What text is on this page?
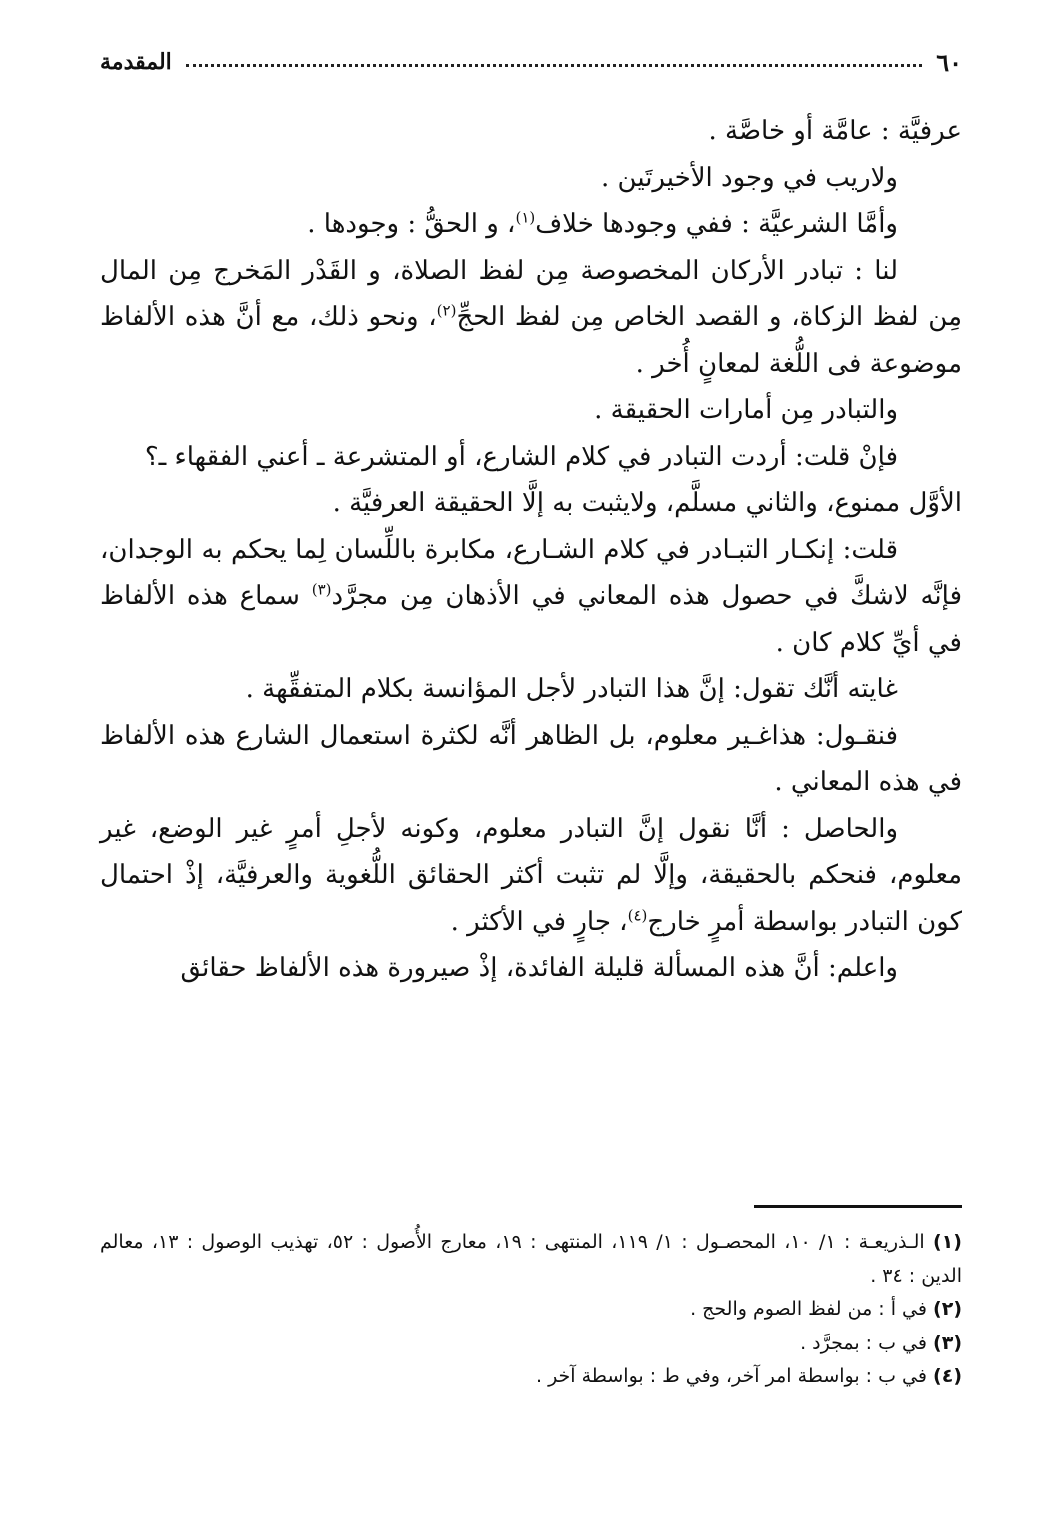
٦٠
المقدمة

عرفيَّة : عامَّة أو خاصَّة .

ولاريب في وجود الأخيرتَين .

وأمَّا الشرعيَّة : ففي وجودها خلاف$^{(١)}$، و الحقُّ : وجودها .

لنا : تبادر الأركان المخصوصة مِن لفظ الصلاة، و القَدْر المَخرج مِن المال مِن لفظ الزكاة، و القصد الخاص مِن لفظ الحجِّ$^{(٢)}$، ونحو ذلك، مع أنَّ هذه الألفاظ موضوعة فى اللُّغة لمعانٍ أُخر .

والتبادر مِن أمارات الحقيقة .

فإنْ قلت: أردت التبادر في كلام الشارع، أو المتشرعة ـ أعني الفقهاء ـ؟

الأوَّل ممنوع، والثاني مسلَّم، ولايثبت به إلَّا الحقيقة العرفيَّة .

قلت: إنكـار التبـادر في كلام الشـارع، مكابرة باللِّسان لِما يحكم به الوجدان، فإنَّه لاشكَّ في حصول هذه المعاني في الأذهان مِن مجرَّد$^{(٣)}$ سماع هذه الألفاظ في أيِّ كلام كان .

غايته أنَّك تقول: إنَّ هذا التبادر لأجل المؤانسة بكلام المتفقِّهة .

فنقـول: هذاغـير معلوم، بل الظاهر أنَّه لكثرة استعمال الشارع هذه الألفاظ في هذه المعاني .

والحاصل : أنَّا نقول إنَّ التبادر معلوم، وكونه لأجلِ أمرٍ غير الوضع، غير معلوم، فنحكم بالحقيقة، وإلَّا لم تثبت أكثر الحقائق اللُّغوية والعرفيَّة، إذْ احتمال كون التبادر بواسطة أمرٍ خارج$^{(٤)}$، جارٍ في الأكثر .

واعلم: أنَّ هذه المسألة قليلة الفائدة، إذْ صيرورة هذه الألفاظ حقائق

(١) الـذريعـة : ١/ ١٠، المحصـول : ١/ ١١٩، المنتهى : ١٩، معارج الأُصول : ٥٢، تهذيب الوصول : ١٣، معالم الدين : ٣٤ .

(٢) في أ : من لفظ الصوم والحج .

(٣) في ب : بمجرَّد .

(٤) في ب : بواسطة امر آخر، وفي ط : بواسطة آخر .
